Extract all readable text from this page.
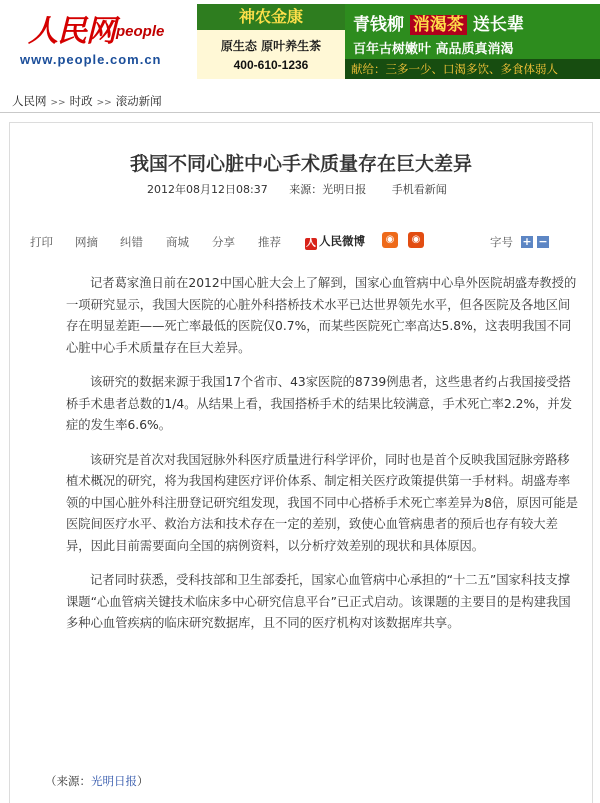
人民网 people
www.people.com.cn
神农金康
原生态 原叶养生茶
400-610-1236
青钱柳 消渴茶 送长辈
百年古树嫩叶 高品质真消渴
献给：三多一少、口渴多饮、多食体弱人
人民网 >> 时政 >> 滚动新闻
我国不同心脏中心手术质量存在巨大差异
2012年08月12日08:37 来源：光明日报 手机看新闻
打印 网摘 纠错 商城 分享 推荐	人 人民微博	◉	◉	字号 + −

记者葛家渔日前在2012中国心脏大会上了解到，国家心血管病中心阜外医院胡盛寿教授的一项研究显示，我国大医院的心脏外科搭桥技术水平已达世界领先水平，但各医院及各地区间存在明显差距——死亡率最低的医院仅0.7%，而某些医院死亡率高达5.8%，这表明我国不同心脏中心手术质量存在巨大差异。

该研究的数据来源于我国17个省市、43家医院的8739例患者，这些患者约占我国接受搭桥手术患者总数的1/4。从结果上看，我国搭桥手术的结果比较满意，手术死亡率2.2%，并发症的发生率6.6%。

该研究是首次对我国冠脉外科医疗质量进行科学评价，同时也是首个反映我国冠脉旁路移植术概况的研究，将为我国构建医疗评价体系、制定相关医疗政策提供第一手材料。胡盛寿率领的中国心脏外科注册登记研究组发现，我国不同中心搭桥手术死亡率差异为8倍，原因可能是医院间医疗水平、救治方法和技术存在一定的差别，致使心血管病患者的预后也存有较大差异，因此目前需要面向全国的病例资料，以分析疗效差别的现状和具体原因。

记者同时获悉，受科技部和卫生部委托，国家心血管病中心承担的“十二五”国家科技支撑课题“心血管病关键技术临床多中心研究信息平台”已正式启动。该课题的主要目的是构建我国多种心血管疾病的临床研究数据库，且不同的医疗机构对该数据库共享。

（来源：光明日报）
